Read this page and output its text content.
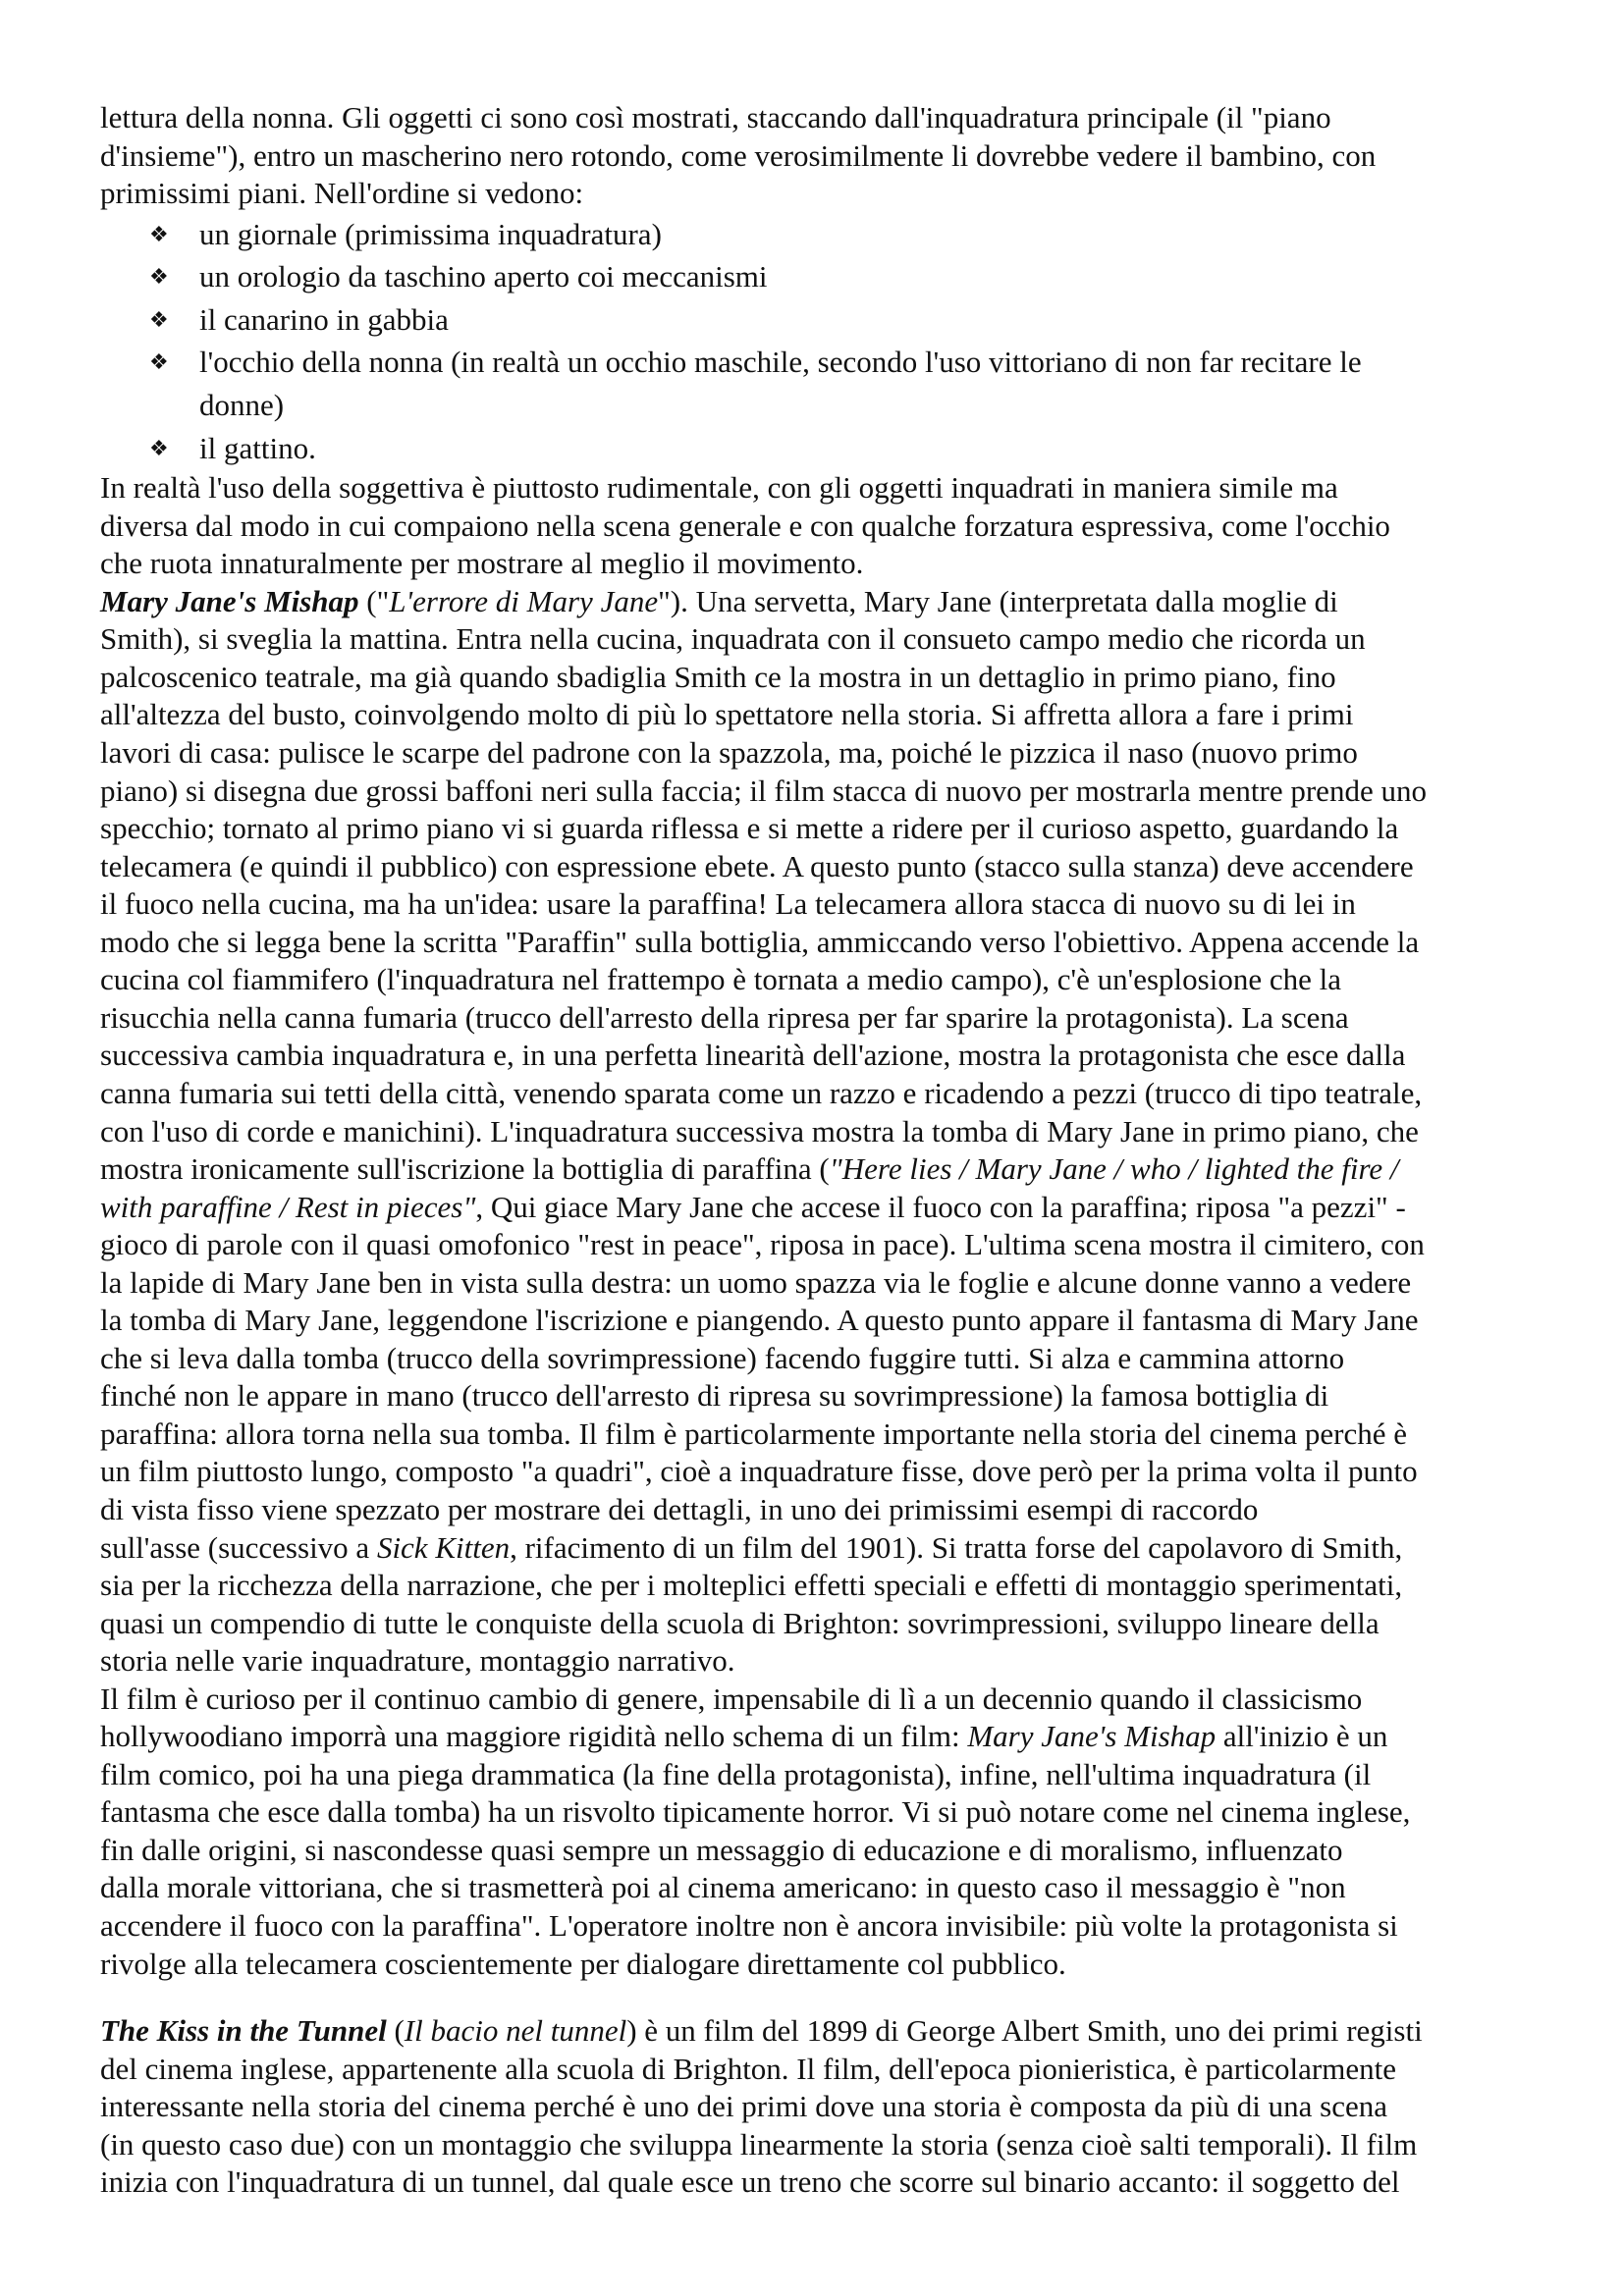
lettura della nonna. Gli oggetti ci sono così mostrati, staccando dall'inquadratura principale (il "piano
d'insieme"), entro un mascherino nero rotondo, come verosimilmente li dovrebbe vedere il bambino, con
primissimi piani. Nell'ordine si vedono:
❖ un giornale (primissima inquadratura)
❖ un orologio da taschino aperto coi meccanismi
❖ il canarino in gabbia
❖ l'occhio della nonna (in realtà un occhio maschile, secondo l'uso vittoriano di non far recitare le
donne)
❖ il gattino.
In realtà l'uso della soggettiva è piuttosto rudimentale, con gli oggetti inquadrati in maniera simile ma
diversa dal modo in cui compaiono nella scena generale e con qualche forzatura espressiva, come l'occhio
che ruota innaturalmente per mostrare al meglio il movimento.
Mary Jane's Mishap ("L'errore di Mary Jane"). Una servetta, Mary Jane (interpretata dalla moglie di
Smith), si sveglia la mattina. Entra nella cucina, inquadrata con il consueto campo medio che ricorda un
palcoscenico teatrale, ma già quando sbadiglia Smith ce la mostra in un dettaglio in primo piano, fino
all'altezza del busto, coinvolgendo molto di più lo spettatore nella storia. Si affretta allora a fare i primi
lavori di casa: pulisce le scarpe del padrone con la spazzola, ma, poiché le pizzica il naso (nuovo primo
piano) si disegna due grossi baffoni neri sulla faccia; il film stacca di nuovo per mostrarla mentre prende uno
specchio; tornato al primo piano vi si guarda riflessa e si mette a ridere per il curioso aspetto, guardando la
telecamera (e quindi il pubblico) con espressione ebete. A questo punto (stacco sulla stanza) deve accendere
il fuoco nella cucina, ma ha un'idea: usare la paraffina! La telecamera allora stacca di nuovo su di lei in
modo che si legga bene la scritta "Paraffin" sulla bottiglia, ammiccando verso l'obiettivo. Appena accende la
cucina col fiammifero (l'inquadratura nel frattempo è tornata a medio campo), c'è un'esplosione che la
risucchia nella canna fumaria (trucco dell'arresto della ripresa per far sparire la protagonista). La scena
successiva cambia inquadratura e, in una perfetta linearità dell'azione, mostra la protagonista che esce dalla
canna fumaria sui tetti della città, venendo sparata come un razzo e ricadendo a pezzi (trucco di tipo teatrale,
con l'uso di corde e manichini). L'inquadratura successiva mostra la tomba di Mary Jane in primo piano, che
mostra ironicamente sull'iscrizione la bottiglia di paraffina ("Here lies / Mary Jane / who / lighted the fire /
with paraffine / Rest in pieces", Qui giace Mary Jane che accese il fuoco con la paraffina; riposa "a pezzi" -
gioco di parole con il quasi omofonico "rest in peace", riposa in pace). L'ultima scena mostra il cimitero, con
la lapide di Mary Jane ben in vista sulla destra: un uomo spazza via le foglie e alcune donne vanno a vedere
la tomba di Mary Jane, leggendone l'iscrizione e piangendo. A questo punto appare il fantasma di Mary Jane
che si leva dalla tomba (trucco della sovrimpressione) facendo fuggire tutti. Si alza e cammina attorno
finché non le appare in mano (trucco dell'arresto di ripresa su sovrimpressione) la famosa bottiglia di
paraffina: allora torna nella sua tomba. Il film è particolarmente importante nella storia del cinema perché è
un film piuttosto lungo, composto "a quadri", cioè a inquadrature fisse, dove però per la prima volta il punto
di vista fisso viene spezzato per mostrare dei dettagli, in uno dei primissimi esempi di raccordo
sull'asse (successivo a Sick Kitten, rifacimento di un film del 1901). Si tratta forse del capolavoro di Smith,
sia per la ricchezza della narrazione, che per i molteplici effetti speciali e effetti di montaggio sperimentati,
quasi un compendio di tutte le conquiste della scuola di Brighton: sovrimpressioni, sviluppo lineare della
storia nelle varie inquadrature, montaggio narrativo.
Il film è curioso per il continuo cambio di genere, impensabile di lì a un decennio quando il classicismo
hollywoodiano imporrà una maggiore rigidità nello schema di un film: Mary Jane's Mishap all'inizio è un
film comico, poi ha una piega drammatica (la fine della protagonista), infine, nell'ultima inquadratura (il
fantasma che esce dalla tomba) ha un risvolto tipicamente horror. Vi si può notare come nel cinema inglese,
fin dalle origini, si nascondesse quasi sempre un messaggio di educazione e di moralismo, influenzato
dalla morale vittoriana, che si trasmetterà poi al cinema americano: in questo caso il messaggio è "non
accendere il fuoco con la paraffina". L'operatore inoltre non è ancora invisibile: più volte la protagonista si
rivolge alla telecamera coscientemente per dialogare direttamente col pubblico.
The Kiss in the Tunnel (Il bacio nel tunnel) è un film del 1899 di George Albert Smith, uno dei primi registi
del cinema inglese, appartenente alla scuola di Brighton. Il film, dell'epoca pionieristica, è particolarmente
interessante nella storia del cinema perché è uno dei primi dove una storia è composta da più di una scena
(in questo caso due) con un montaggio che sviluppa linearmente la storia (senza cioè salti temporali). Il film
inizia con l'inquadratura di un tunnel, dal quale esce un treno che scorre sul binario accanto: il soggetto del
